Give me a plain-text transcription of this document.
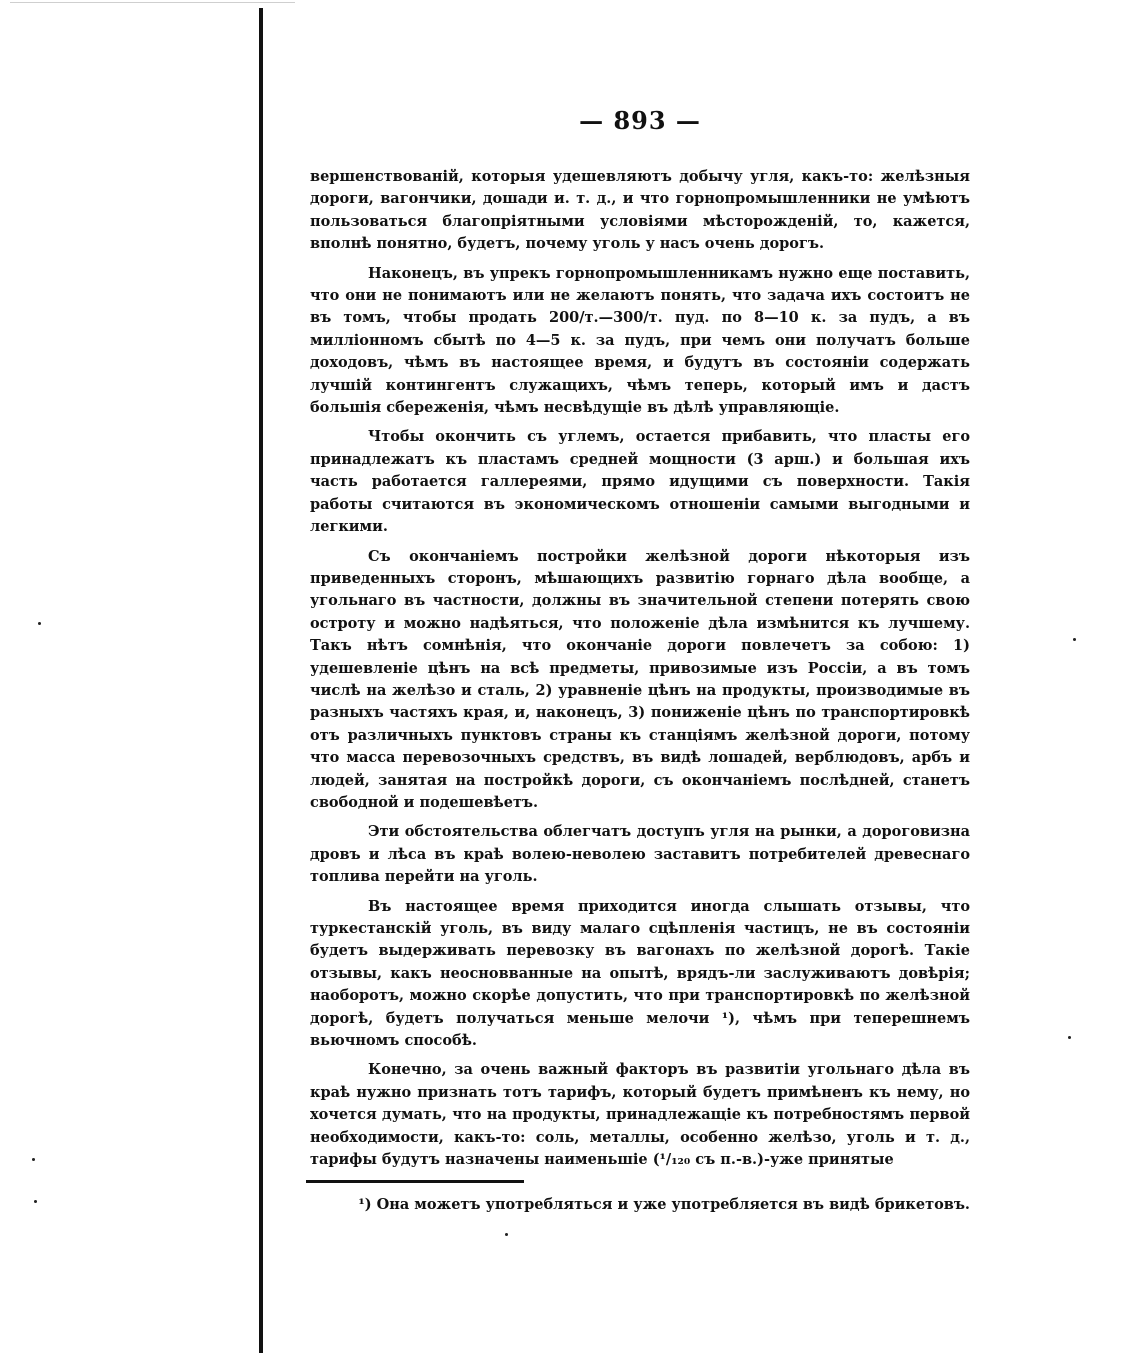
— 893 —

вершенствованій, которыя удешевляютъ добычу угля, какъ-то: желѣзныя дороги, вагончики, дошади и. т. д., и что горнопромышленники не умѣютъ пользоваться благопріятными условіями мѣсторожденій, то, кажется, вполнѣ понятно, будетъ, почему уголь у насъ очень дорогъ.

Наконецъ, въ упрекъ горнопромышленникамъ нужно еще поставить, что они не понимаютъ или не желаютъ понять, что задача ихъ состоитъ не въ томъ, чтобы продать 200/т.—300/т. пуд. по 8—10 к. за пудъ, а въ милліонномъ сбытѣ по 4—5 к. за пудъ, при чемъ они получатъ больше доходовъ, чѣмъ въ настоящее время, и будутъ въ состояніи содержать лучшій контингентъ служащихъ, чѣмъ теперь, который имъ и дастъ большія сбереженія, чѣмъ несвѣдущіе въ дѣлѣ управляющіе.

Чтобы окончить съ углемъ, остается прибавить, что пласты его принадлежатъ къ пластамъ средней мощности (3 арш.) и большая ихъ часть работается галлереями, прямо идущими съ поверхности. Такія работы считаются въ экономическомъ отношеніи самыми выгодными и легкими.

Съ окончаніемъ постройки желѣзной дороги нѣкоторыя изъ приведенныхъ сторонъ, мѣшающихъ развитію горнаго дѣла вообще, а угольнаго въ частности, должны въ значительной степени потерять свою остроту и можно надѣяться, что положеніе дѣла измѣнится къ лучшему. Такъ нѣтъ сомнѣнія, что окончаніе дороги повлечетъ за собою: 1) удешевленіе цѣнъ на всѣ предметы, привозимые изъ Россіи, а въ томъ числѣ на желѣзо и сталь, 2) уравненіе цѣнъ на продукты, производимые въ разныхъ частяхъ края, и, наконецъ, 3) пониженіе цѣнъ по транспортировкѣ отъ различныхъ пунктовъ страны къ станціямъ желѣзной дороги, потому что масса перевозочныхъ средствъ, въ видѣ лошадей, верблюдовъ, арбъ и людей, занятая на постройкѣ дороги, съ окончаніемъ послѣдней, станетъ свободной и подешевѣетъ.

Эти обстоятельства облегчатъ доступъ угля на рынки, а дороговизна дровъ и лѣса въ краѣ волею-неволею заставитъ потребителей древеснаго топлива перейти на уголь.

Въ настоящее время приходится иногда слышать отзывы, что туркестанскій уголь, въ виду малаго сцѣпленія частицъ, не въ состояніи будетъ выдерживать перевозку въ вагонахъ по желѣзной дорогѣ. Такіе отзывы, какъ неосновванные на опытѣ, врядъ-ли заслуживаютъ довѣрія; наоборотъ, можно скорѣе допустить, что при транспортировкѣ по желѣзной дорогѣ, будетъ получаться меньше мелочи ¹), чѣмъ при теперешнемъ вьючномъ способѣ.

Конечно, за очень важный факторъ въ развитіи угольнаго дѣла въ краѣ нужно признать тотъ тарифъ, который будетъ примѣненъ къ нему, но хочется думать, что на продукты, принадлежащіе къ потребностямъ первой необходимости, какъ-то: соль, металлы, особенно желѣзо, уголь и т. д., тарифы будутъ назначены наименьшіе (¹/₁₂₀ съ п.-в.)-уже принятые

¹) Она можетъ употребляться и уже употребляется въ видѣ брикетовъ.
